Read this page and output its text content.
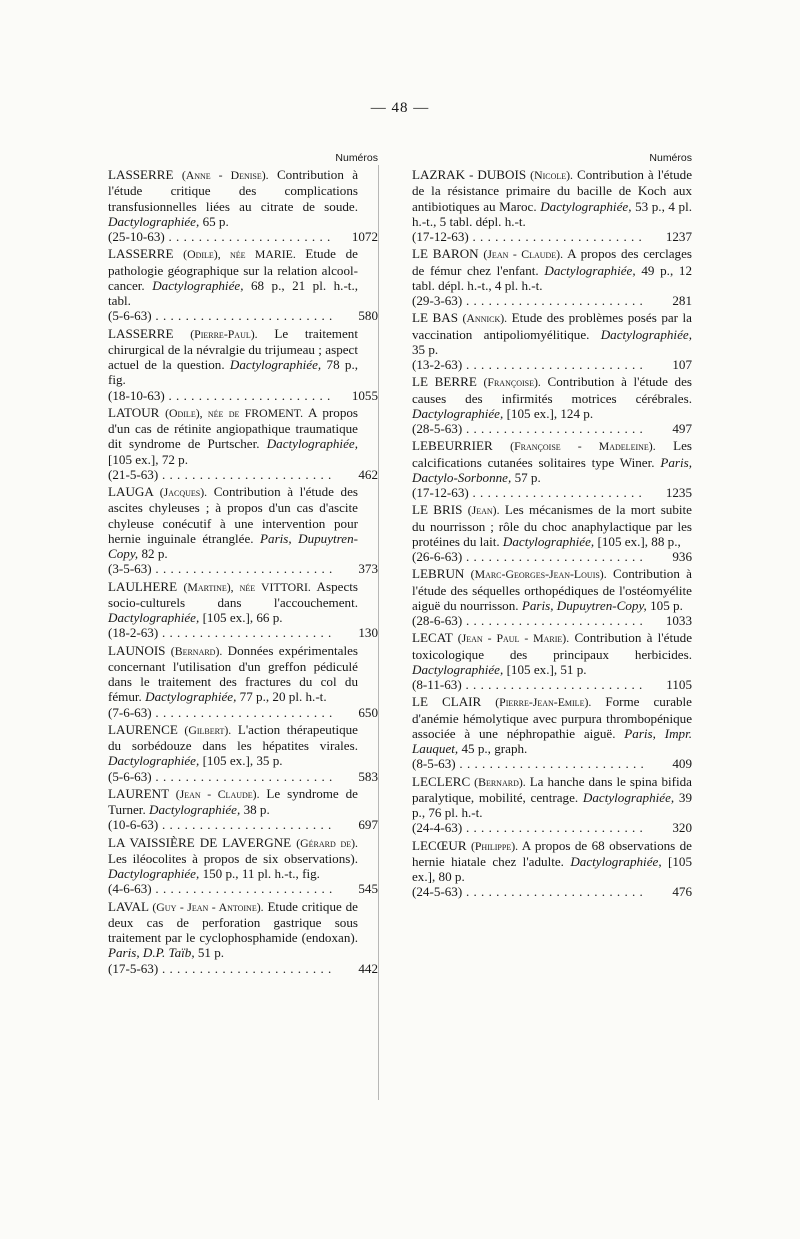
— 48 —
Numéros
LASSERRE (Anne - Denise). Contribution à l'étude critique des complications transfusionnelles liées au citrate de soude. Dactylographiée, 65 p.
(25-10-63) . . .	1072
LASSERRE (Odile), née MARIE. Etude de pathologie géographique sur la relation alcool-cancer. Dactylographiée, 68 p., 21 pl. h.-t., tabl.
(5-6-63) . . .	580
LASSERRE (Pierre-Paul). Le traitement chirurgical de la névralgie du trijumeau ; aspect actuel de la question. Dactylographiée, 78 p., fig.
(18-10-63) . . .	1055
LATOUR (Odile), née de FROMENT. A propos d'un cas de rétinite angiopathique traumatique dit syndrome de Purtscher. Dactylographiée, [105 ex.], 72 p.
(21-5-63) . . .	462
LAUGA (Jacques). Contribution à l'étude des ascites chyleuses ; à propos d'un cas d'ascite chyleuse conécutif à une intervention pour hernie inguinale étranglée. Paris, Dupuytren-Copy, 82 p.
(3-5-63) . . .	373
LAULHERE (Martine), née VITTORI. Aspects socio-culturels dans l'accouchement. Dactylographiée, [105 ex.], 66 p.
(18-2-63) . . .	130
LAUNOIS (Bernard). Données expérimentales concernant l'utilisation d'un greffon pédiculé dans le traitement des fractures du col du fémur. Dactylographiée, 77 p., 20 pl. h.-t.
(7-6-63) . . .	650
LAURENCE (Gilbert). L'action thérapeutique du sorbédouze dans les hépatites virales. Dactylographiée, [105 ex.], 35 p.
(5-6-63) . . .	583
LAURENT (Jean - Claude). Le syndrome de Turner. Dactylographiée, 38 p.
(10-6-63) . . .	697
LA VAISSIÈRE DE LAVERGNE (Gérard de). Les iléocolites à propos de six observations). Dactylographiée, 150 p., 11 pl. h.-t., fig.
(4-6-63) . . .	545
LAVAL (Guy - Jean - Antoine). Etude critique de deux cas de perforation gastrique sous traitement par le cyclophosphamide (endoxan). Paris, D.P. Taïb, 51 p.
(17-5-63) . . .	442
Numéros
LAZRAK - DUBOIS (Nicole). Contribution à l'étude de la résistance primaire du bacille de Koch aux antibiotiques au Maroc. Dactylographiée, 53 p., 4 pl. h.-t., 5 tabl. dépl. h.-t.
(17-12-63) . . .	1237
LE BARON (Jean - Claude). A propos des cerclages de fémur chez l'enfant. Dactylographiée, 49 p., 12 tabl. dépl. h.-t., 4 pl. h.-t.
(29-3-63) . . .	281
LE BAS (Annick). Etude des problèmes posés par la vaccination antipoliomyélitique. Dactylographiée, 35 p.
(13-2-63) . . .	107
LE BERRE (Françoise). Contribution à l'étude des causes des infirmités motrices cérébrales. Dactylographiée, [105 ex.], 124 p.
(28-5-63) . . .	497
LEBEURRIER (Françoise - Madeleine). Les calcifications cutanées solitaires type Winer. Paris, Dactylo-Sorbonne, 57 p.
(17-12-63) . . .	1235
LE BRIS (Jean). Les mécanismes de la mort subite du nourrisson ; rôle du choc anaphylactique par les protéines du lait. Dactylographiée, [105 ex.], 88 p.,
(26-6-63) . . .	936
LEBRUN (Marc-Georges-Jean-Louis). Contribution à l'étude des séquelles orthopédiques de l'ostéomyélite aiguë du nourrisson. Paris, Dupuytren-Copy, 105 p.
(28-6-63) . . .	1033
LECAT (Jean - Paul - Marie). Contribution à l'étude toxicologique des principaux herbicides. Dactylographiée, [105 ex.], 51 p.
(8-11-63) . . .	1105
LE CLAIR (Pierre-Jean-Emile). Forme curable d'anémie hémolytique avec purpura thrombopénique associée à une néphropathie aiguë. Paris, Impr. Lauquet, 45 p., graph.
(8-5-63) . . .	409
LECLERC (Bernard). La hanche dans le spina bifida paralytique, mobilité, centrage. Dactylographiée, 39 p., 76 pl. h.-t.
(24-4-63) . . .	320
LECŒUR (Philippe). A propos de 68 observations de hernie hiatale chez l'adulte. Dactylographiée, [105 ex.], 80 p.
(24-5-63) . . .	476
